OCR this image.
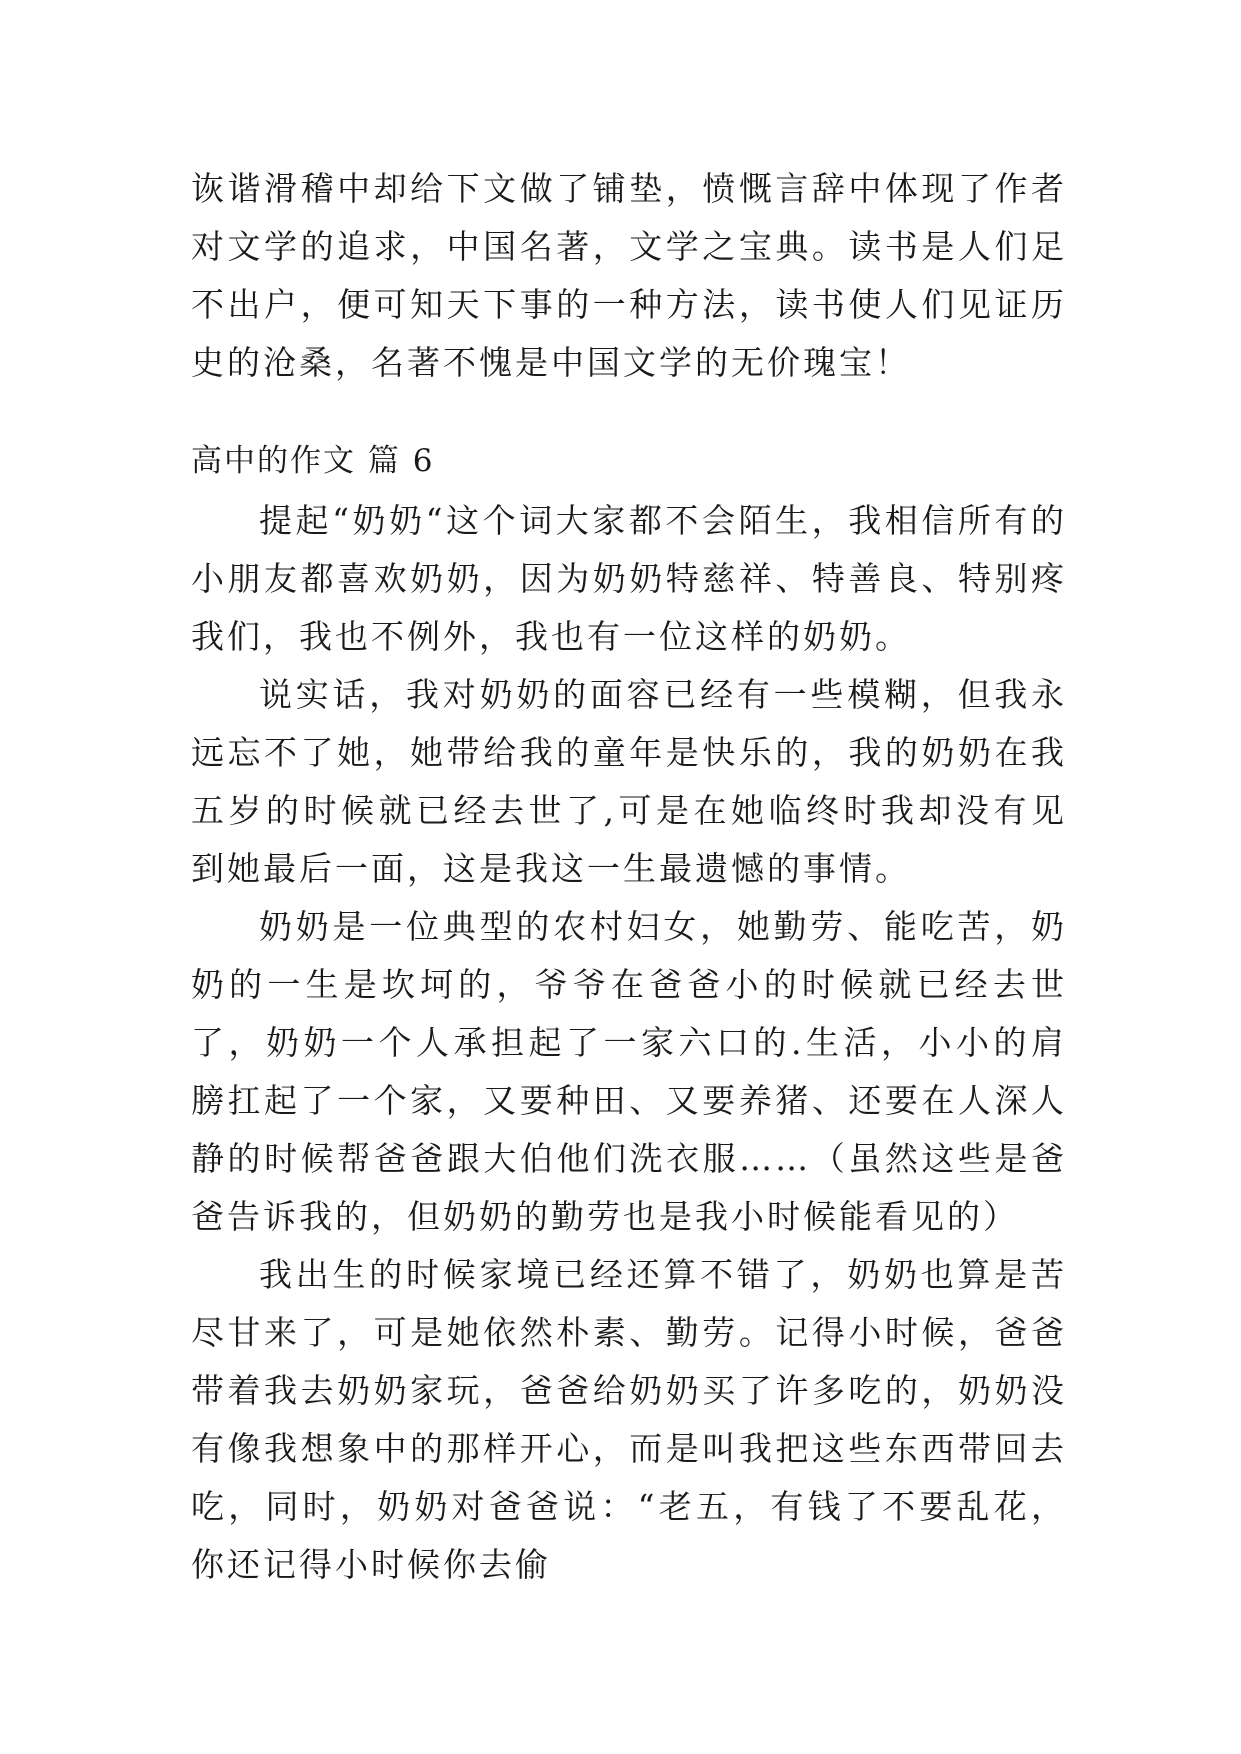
诙谐滑稽中却给下文做了铺垫，愤慨言辞中体现了作者对文学的追求，中国名著，文学之宝典。读书是人们足不出户，便可知天下事的一种方法，读书使人们见证历史的沧桑，名著不愧是中国文学的无价瑰宝！

高中的作文 篇 6

提起“奶奶“这个词大家都不会陌生，我相信所有的小朋友都喜欢奶奶，因为奶奶特慈祥、特善良、特别疼我们，我也不例外，我也有一位这样的奶奶。

说实话，我对奶奶的面容已经有一些模糊，但我永远忘不了她，她带给我的童年是快乐的，我的奶奶在我五岁的时候就已经去世了,可是在她临终时我却没有见到她最后一面，这是我这一生最遗憾的事情。

奶奶是一位典型的农村妇女，她勤劳、能吃苦，奶奶的一生是坎坷的，爷爷在爸爸小的时候就已经去世了，奶奶一个人承担起了一家六口的.生活，小小的肩膀扛起了一个家，又要种田、又要养猪、还要在人深人静的时候帮爸爸跟大伯他们洗衣服……（虽然这些是爸爸告诉我的，但奶奶的勤劳也是我小时候能看见的）

我出生的时候家境已经还算不错了，奶奶也算是苦尽甘来了，可是她依然朴素、勤劳。记得小时候，爸爸带着我去奶奶家玩，爸爸给奶奶买了许多吃的，奶奶没有像我想象中的那样开心，而是叫我把这些东西带回去吃，同时，奶奶对爸爸说：“老五，有钱了不要乱花，你还记得小时候你去偷
